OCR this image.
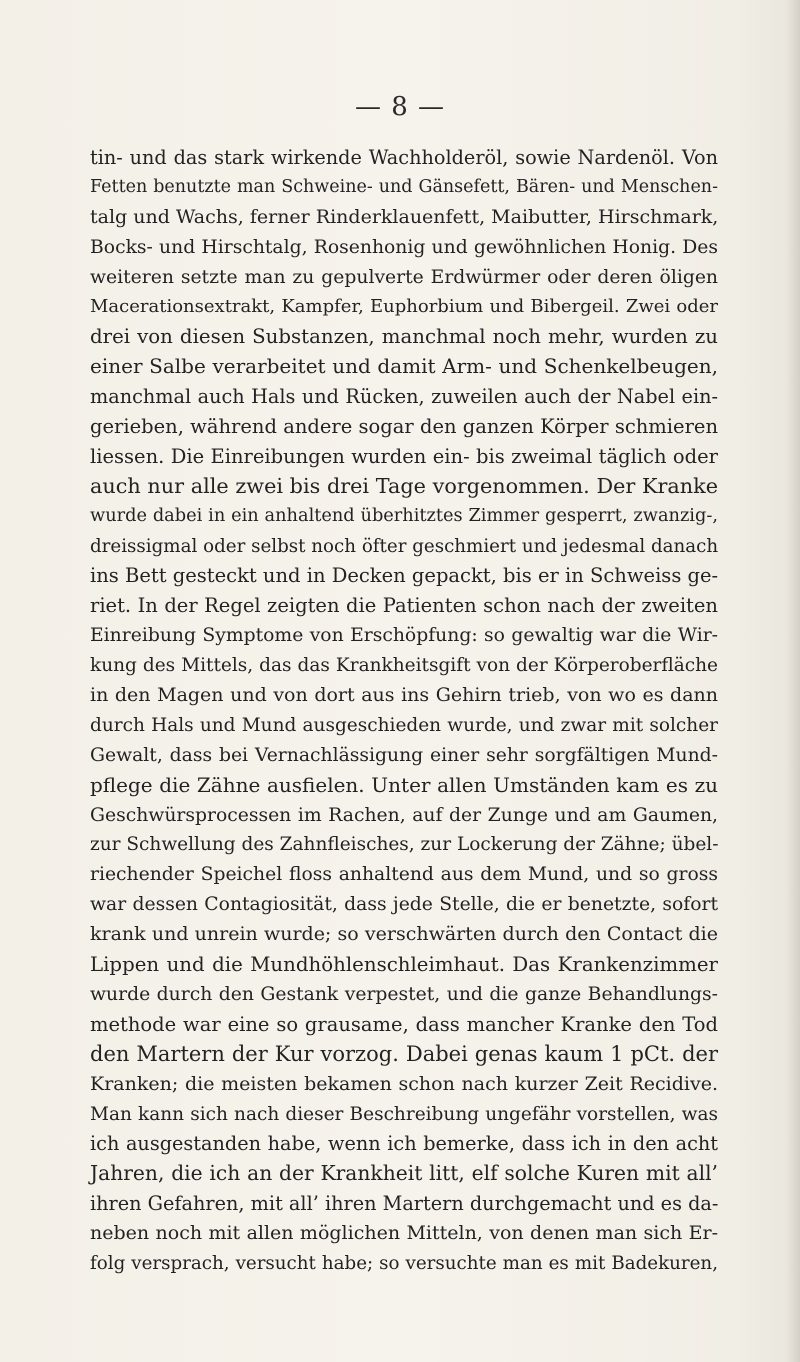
— 8 —
tin- und das stark wirkende Wachholderöl, sowie Nardenöl. Von
Fetten benutzte man Schweine- und Gänsefett, Bären- und Menschen-
talg und Wachs, ferner Rinderklauenfett, Maibutter, Hirschmark,
Bocks- und Hirschtalg, Rosenhonig und gewöhnlichen Honig. Des
weiteren setzte man zu gepulverte Erdwürmer oder deren öligen
Macerationsextrakt, Kampfer, Euphorbium und Bibergeil. Zwei oder
drei von diesen Substanzen, manchmal noch mehr, wurden zu
einer Salbe verarbeitet und damit Arm- und Schenkelbeugen,
manchmal auch Hals und Rücken, zuweilen auch der Nabel ein-
gerieben, während andere sogar den ganzen Körper schmieren
liessen. Die Einreibungen wurden ein- bis zweimal täglich oder
auch nur alle zwei bis drei Tage vorgenommen. Der Kranke
wurde dabei in ein anhaltend überhitztes Zimmer gesperrt, zwanzig-,
dreissigmal oder selbst noch öfter geschmiert und jedesmal danach
ins Bett gesteckt und in Decken gepackt, bis er in Schweiss ge-
riet. In der Regel zeigten die Patienten schon nach der zweiten
Einreibung Symptome von Erschöpfung: so gewaltig war die Wir-
kung des Mittels, das das Krankheitsgift von der Körperoberfläche
in den Magen und von dort aus ins Gehirn trieb, von wo es dann
durch Hals und Mund ausgeschieden wurde, und zwar mit solcher
Gewalt, dass bei Vernachlässigung einer sehr sorgfältigen Mund-
pflege die Zähne ausfielen. Unter allen Umständen kam es zu
Geschwürsprocessen im Rachen, auf der Zunge und am Gaumen,
zur Schwellung des Zahnfleisches, zur Lockerung der Zähne; übel-
riechender Speichel floss anhaltend aus dem Mund, und so gross
war dessen Contagiosität, dass jede Stelle, die er benetzte, sofort
krank und unrein wurde; so verschwärten durch den Contact die
Lippen und die Mundhöhlenschleimhaut. Das Krankenzimmer
wurde durch den Gestank verpestet, und die ganze Behandlungs-
methode war eine so grausame, dass mancher Kranke den Tod
den Martern der Kur vorzog. Dabei genas kaum 1 pCt. der
Kranken; die meisten bekamen schon nach kurzer Zeit Recidive.
Man kann sich nach dieser Beschreibung ungefähr vorstellen, was
ich ausgestanden habe, wenn ich bemerke, dass ich in den acht
Jahren, die ich an der Krankheit litt, elf solche Kuren mit all’
ihren Gefahren, mit all’ ihren Martern durchgemacht und es da-
neben noch mit allen möglichen Mitteln, von denen man sich Er-
folg versprach, versucht habe; so versuchte man es mit Badekuren,
